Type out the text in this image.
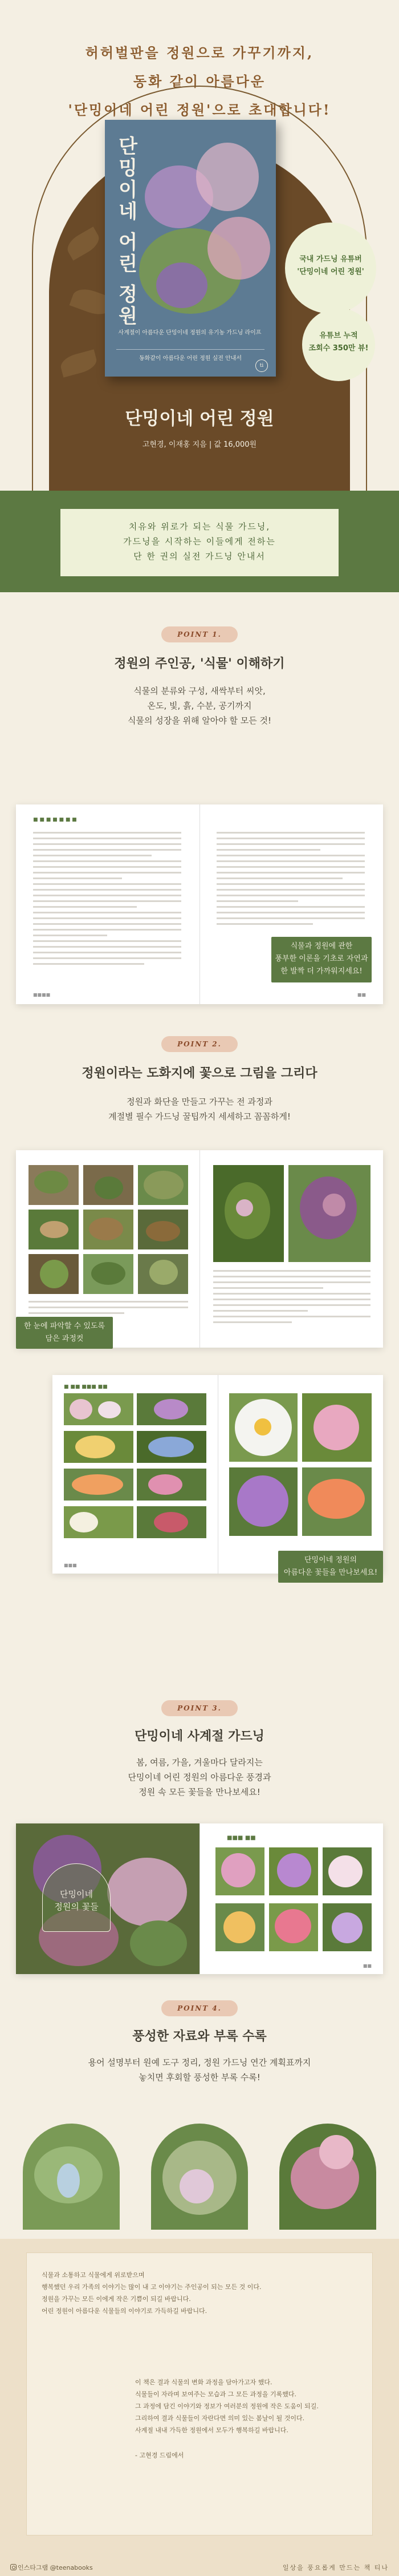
허허벌판을 정원으로 가꾸기까지,
동화 같이 아름다운
'단밍이네 어린 정원'으로 초대합니다!
단밍이네 어린 정원
사계절이 아름다운 단밍이네 정원의 유기농 가드닝 라이프
동화같이 아름다운 어린 정원 실전 안내서
ti
국내 가드닝 유튜버
'단밍이네 어린 정원'
유튜브 누적
조회수 350만 뷰!
단밍이네 어린 정원
고현경, 이재홍 지음 | 값 16,000원
치유와 위로가 되는 식물 가드닝,
가드닝을 시작하는 이들에게 전하는
단 한 권의 실전 가드닝 안내서
POINT 1.
정원의 주인공, '식물' 이해하기
식물의 분류와 구성, 새싹부터 씨앗,
온도, 빛, 흙, 수분, 공기까지
식물의 성장을 위해 알아야 할 모든 것!
■ ■ ■ ■ ■ ■ ■
■■■■	■■
식물과 정원에 관한
풍부한 이론을 기초로 자연과
한 발짝 더 가까워지세요!
POINT 2.
정원이라는 도화지에 꽃으로 그림을 그리다
정원과 화단을 만들고 가꾸는 전 과정과
계절별 필수 가드닝 꿀팁까지 세세하고 꼼꼼하게!
한 눈에 파악할 수 있도록
담은 과정컷
■ ■■ ■■■ ■■
■■■
단밍이네 정원의
아름다운 꽃들을 만나보세요!
POINT 3.
단밍이네 사계절 가드닝
봄, 여름, 가을, 겨울마다 달라지는
단밍이네 어린 정원의 아름다운 풍경과
정원 속 모든 꽃들을 만나보세요!
단밍이네
정원의 꽃들
■■■ ■■
■■
POINT 4.
풍성한 자료와 부록 수록
용어 설명부터 원예 도구 정리, 정원 가드닝 연간 계획표까지
놓치면 후회할 풍성한 부록 수록!
식물과 소통하고 식물에게 위로받으며
행복했던 우리 가족의 이야기는 많이 내 고 이야기는 주인공이 되는 모든 것 이다.
정원을 가꾸는 모든 이에게 작은 기쁨이 되길 바랍니다.
어린 정원이 아름다운 식물들의 이야기로 가득하길 바랍니다.
이 책은 결과 식물의 변화 과정을 담아가고자 했다.
식물들이 자라며 보여주는 모습과 그 모든 과정을 기록했다.
그 과정에 담긴 이야기와 정보가 여러분의 정원에 작은 도움이 되길.
그리하여 결과 식물들이 자란다면 의미 있는 봄날이 될 것이다.
사계절 내내 가득한 정원에서 모두가 행복하길 바랍니다.
- 고현경 드림에서
인스타그램 @teenabooks	일상을 풍요롭게 만드는 책 티나
